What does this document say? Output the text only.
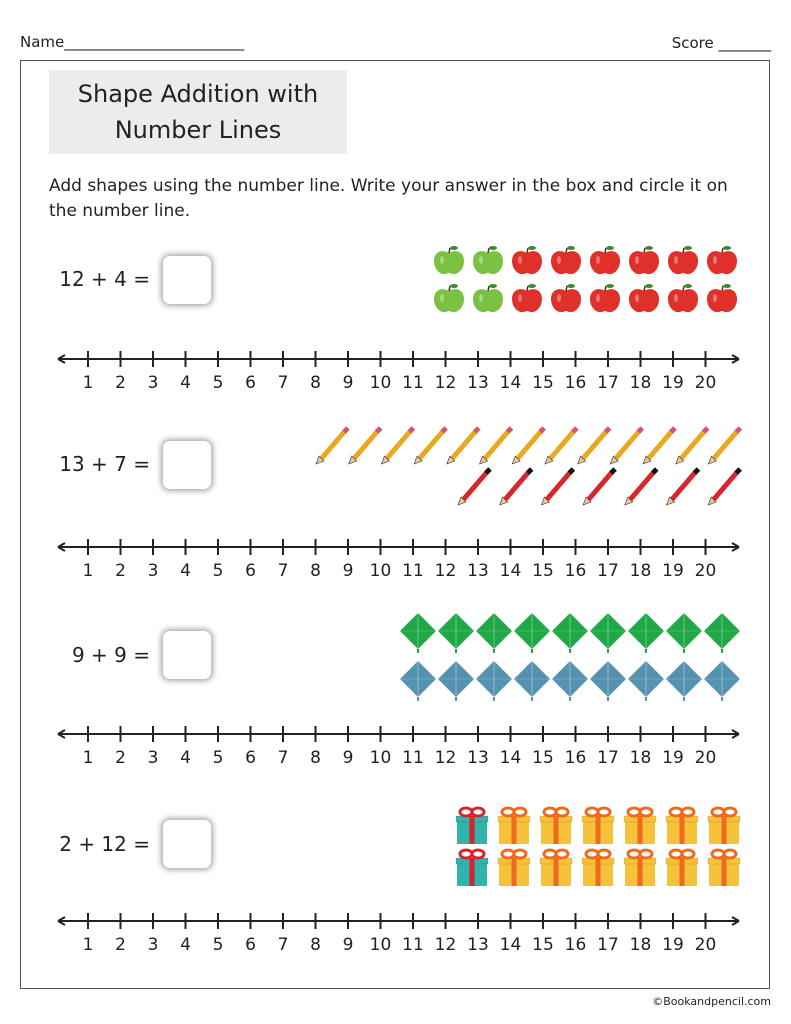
Name________________________	Score _______
Shape Addition with
Number Lines
Add shapes using the number line. Write your answer in the box and circle it on the number line.
12 + 4 =
13 + 7 =
9 + 9 =
2 + 12 =
1 2 3 4 5 6 7 8 9 10 11 12 13 14 15 16 17 18 19 20
1 2 3 4 5 6 7 8 9 10 11 12 13 14 15 16 17 18 19 20
1 2 3 4 5 6 7 8 9 10 11 12 13 14 15 16 17 18 19 20
1 2 3 4 5 6 7 8 9 10 11 12 13 14 15 16 17 18 19 20
©Bookandpencil.com
